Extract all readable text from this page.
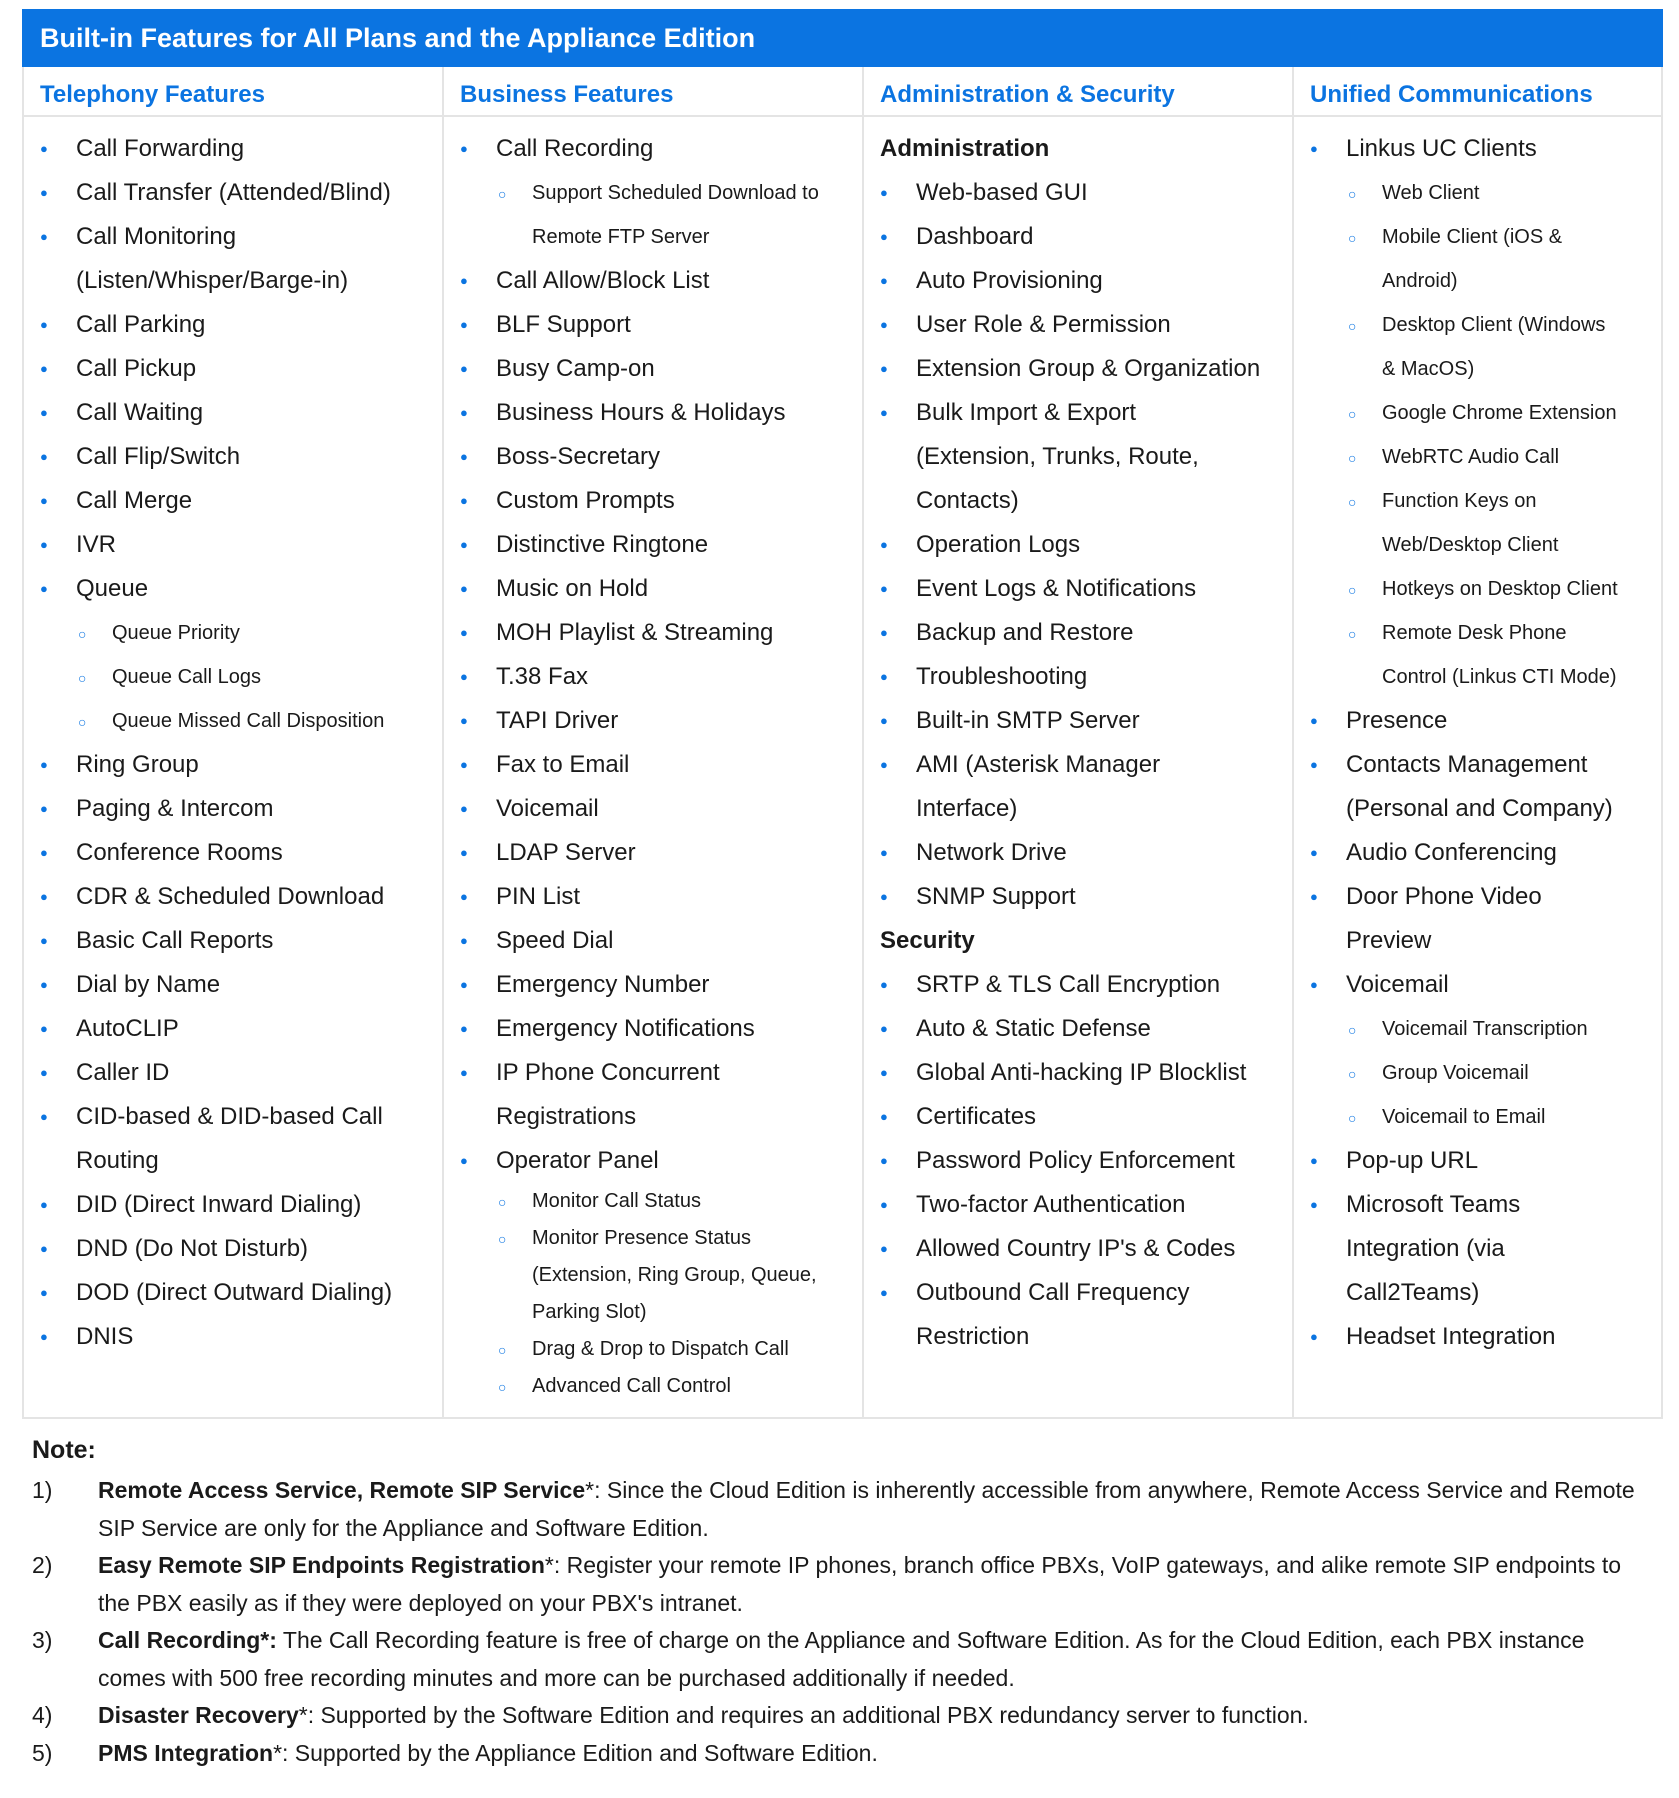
Built-in Features for All Plans and the Appliance Edition
Telephony Features
● Call Forwarding
● Call Transfer (Attended/Blind)
● Call Monitoring
(Listen/Whisper/Barge-in)
● Call Parking
● Call Pickup
● Call Waiting
● Call Flip/Switch
● Call Merge
● IVR
● Queue
○ Queue Priority
○ Queue Call Logs
○ Queue Missed Call Disposition
● Ring Group
● Paging & Intercom
● Conference Rooms
● CDR & Scheduled Download
● Basic Call Reports
● Dial by Name
● AutoCLIP
● Caller ID
● CID-based & DID-based Call
Routing
● DID (Direct Inward Dialing)
● DND (Do Not Disturb)
● DOD (Direct Outward Dialing)
● DNIS
Business Features
● Call Recording
○ Support Scheduled Download to
Remote FTP Server
● Call Allow/Block List
● BLF Support
● Busy Camp-on
● Business Hours & Holidays
● Boss-Secretary
● Custom Prompts
● Distinctive Ringtone
● Music on Hold
● MOH Playlist & Streaming
● T.38 Fax
● TAPI Driver
● Fax to Email
● Voicemail
● LDAP Server
● PIN List
● Speed Dial
● Emergency Number
● Emergency Notifications
● IP Phone Concurrent
Registrations
● Operator Panel
○ Monitor Call Status
○ Monitor Presence Status
(Extension, Ring Group, Queue,
Parking Slot)
○ Drag & Drop to Dispatch Call
○ Advanced Call Control
Administration & Security
Administration
● Web-based GUI
● Dashboard
● Auto Provisioning
● User Role & Permission
● Extension Group & Organization
● Bulk Import & Export
(Extension, Trunks, Route,
Contacts)
● Operation Logs
● Event Logs & Notifications
● Backup and Restore
● Troubleshooting
● Built-in SMTP Server
● AMI (Asterisk Manager
Interface)
● Network Drive
● SNMP Support
Security
● SRTP & TLS Call Encryption
● Auto & Static Defense
● Global Anti-hacking IP Blocklist
● Certificates
● Password Policy Enforcement
● Two-factor Authentication
● Allowed Country IP's & Codes
● Outbound Call Frequency
Restriction
Unified Communications
● Linkus UC Clients
○ Web Client
○ Mobile Client (iOS &
Android)
○ Desktop Client (Windows
& MacOS)
○ Google Chrome Extension
○ WebRTC Audio Call
○ Function Keys on
Web/Desktop Client
○ Hotkeys on Desktop Client
○ Remote Desk Phone
Control (Linkus CTI Mode)
● Presence
● Contacts Management
(Personal and Company)
● Audio Conferencing
● Door Phone Video
Preview
● Voicemail
○ Voicemail Transcription
○ Group Voicemail
○ Voicemail to Email
● Pop-up URL
● Microsoft Teams
Integration (via
Call2Teams)
● Headset Integration
Note:
1) Remote Access Service, Remote SIP Service*: Since the Cloud Edition is inherently accessible from anywhere, Remote Access Service and Remote SIP Service are only for the Appliance and Software Edition.
2) Easy Remote SIP Endpoints Registration*: Register your remote IP phones, branch office PBXs, VoIP gateways, and alike remote SIP endpoints to the PBX easily as if they were deployed on your PBX's intranet.
3) Call Recording*: The Call Recording feature is free of charge on the Appliance and Software Edition. As for the Cloud Edition, each PBX instance comes with 500 free recording minutes and more can be purchased additionally if needed.
4) Disaster Recovery*: Supported by the Software Edition and requires an additional PBX redundancy server to function.
5) PMS Integration*: Supported by the Appliance Edition and Software Edition.
